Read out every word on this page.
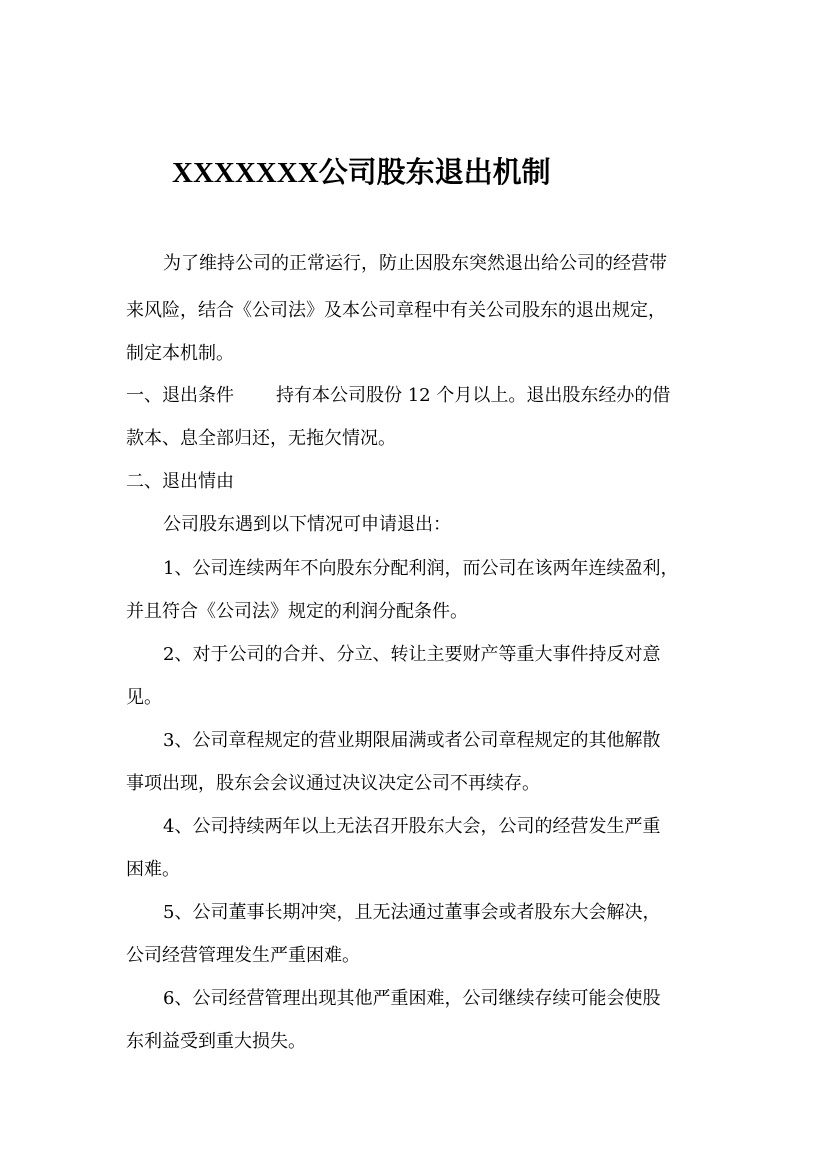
XXXXXXX公司股东退出机制

为了维持公司的正常运行，防止因股东突然退出给公司的经营带

来风险，结合《公司法》及本公司章程中有关公司股东的退出规定，

制定本机制。

一、退出条件 持有本公司股份 12 个月以上。退出股东经办的借

款本、息全部归还，无拖欠情况。

二、退出情由

公司股东遇到以下情况可申请退出：

1、公司连续两年不向股东分配利润，而公司在该两年连续盈利，

并且符合《公司法》规定的利润分配条件。

2、对于公司的合并、分立、转让主要财产等重大事件持反对意

见。

3、公司章程规定的营业期限届满或者公司章程规定的其他解散

事项出现，股东会会议通过决议决定公司不再续存。

4、公司持续两年以上无法召开股东大会，公司的经营发生严重

困难。

5、公司董事长期冲突，且无法通过董事会或者股东大会解决，

公司经营管理发生严重困难。

6、公司经营管理出现其他严重困难，公司继续存续可能会使股

东利益受到重大损失。
